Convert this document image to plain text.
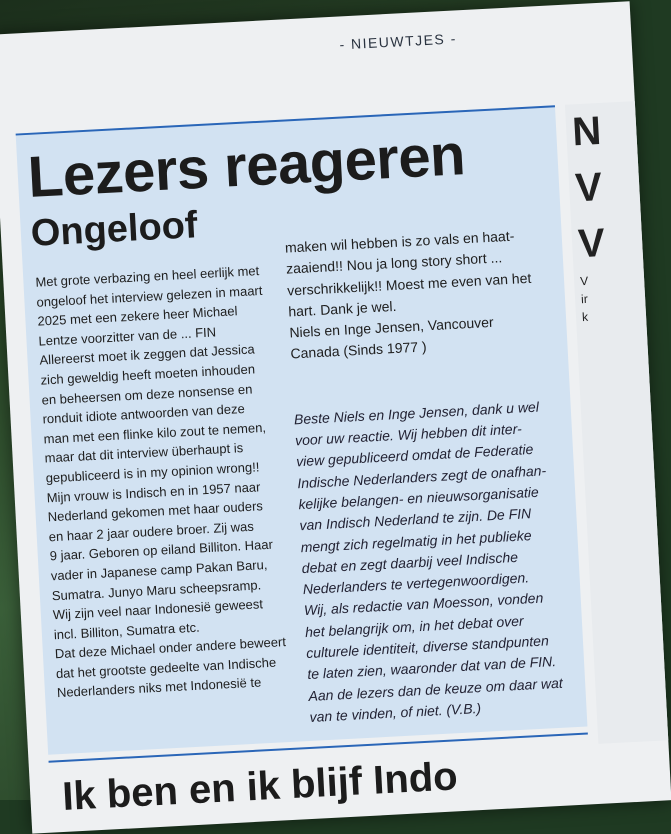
- NIEUWTJES -
N
V
V
V
ir
k
Lezers reageren
Ongeloof

Met grote verbazing en heel eerlijk met
ongeloof het interview gelezen in maart
2025 met een zekere heer Michael
Lentze voorzitter van de ... FIN
Allereerst moet ik zeggen dat Jessica
zich geweldig heeft moeten inhouden
en beheersen om deze nonsense en
ronduit idiote antwoorden van deze
man met een flinke kilo zout te nemen,
maar dat dit interview überhaupt is
gepubliceerd is in my opinion wrong!!
Mijn vrouw is Indisch en in 1957 naar
Nederland gekomen met haar ouders
en haar 2 jaar oudere broer. Zij was
9 jaar. Geboren op eiland Billiton. Haar
vader in Japanese camp Pakan Baru,
Sumatra. Junyo Maru scheepsramp.
Wij zijn veel naar Indonesië geweest
incl. Billiton, Sumatra etc.
Dat deze Michael onder andere beweert
dat het grootste gedeelte van Indische
Nederlanders niks met Indonesië te

maken wil hebben is zo vals en haat-
zaaiend!! Nou ja long story short ...
verschrikkelijk!! Moest me even van het
hart. Dank je wel.

Niels en Inge Jensen, Vancouver

Canada (Sinds 1977 )

Beste Niels en Inge Jensen, dank u wel
voor uw reactie. Wij hebben dit inter-
view gepubliceerd omdat de Federatie
Indische Nederlanders zegt de onafhan-
kelijke belangen- en nieuwsorganisatie
van Indisch Nederland te zijn. De FIN
mengt zich regelmatig in het publieke
debat en zegt daarbij veel Indische
Nederlanders te vertegenwoordigen.
Wij, als redactie van Moesson, vonden
het belangrijk om, in het debat over
culturele identiteit, diverse standpunten
te laten zien, waaronder dat van de FIN.
Aan de lezers dan de keuze om daar wat
van te vinden, of niet. (V.B.)

Ik ben en ik blijf Indo
